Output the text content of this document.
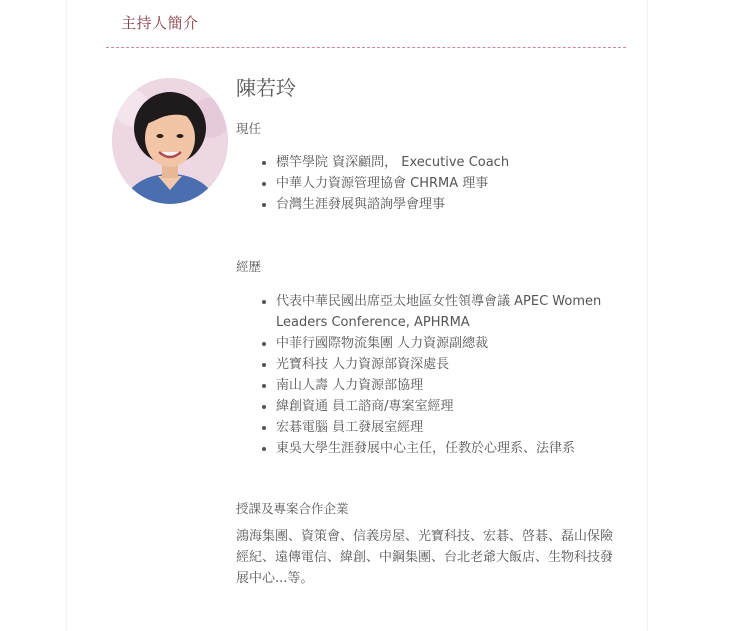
主持人簡介
陳若玲
現任
• 標竿學院 資深顧問， Executive Coach
• 中華人力資源管理協會 CHRMA 理事
• 台灣生涯發展與諮詢學會理事
經歷
• 代表中華民國出席亞太地區女性領導會議 APEC Women Leaders Conference, APHRMA
• 中菲行國際物流集團 人力資源副總裁
• 光寶科技 人力資源部資深處長
• 南山人壽 人力資源部協理
• 緯創資通 員工諮商/專案室經理
• 宏碁電腦 員工發展室經理
• 東吳大學生涯發展中心主任，任教於心理系、法律系
授課及專案合作企業
鴻海集團、資策會、信義房屋、光寶科技、宏碁、啓碁、磊山保險經紀、遠傳電信、緯創、中鋼集團、台北老爺大飯店、生物科技發展中心...等。
